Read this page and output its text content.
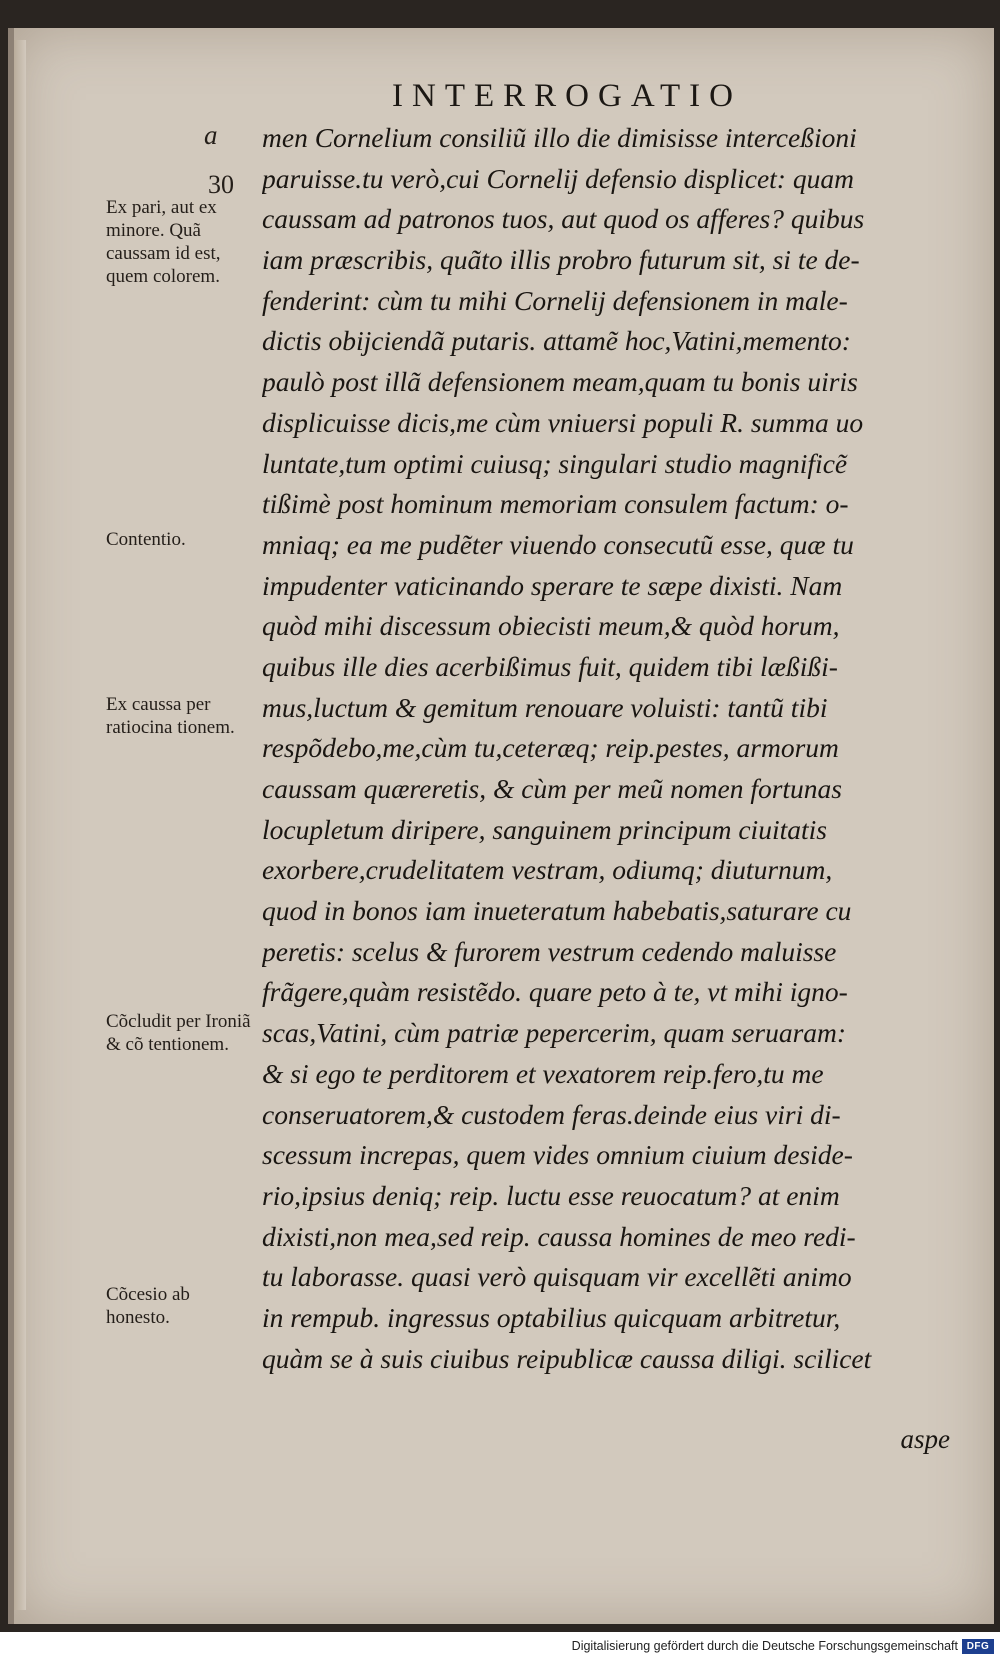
INTERROGATIO
a
30
Ex pari, aut ex minore. Quã caussam id est, quem colorem.
Contentio.
Ex caussa per ratiocina tionem.
Cõcludit per Ironiã & cõ tentionem.
Cõcesio ab honesto.
men Cornelium consiliũ illo die dimisisse interceßioni
paruisse.tu verò,cui Cornelij defensio displicet: quam
caussam ad patronos tuos, aut quod os afferes? quibus
iam præscribis, quãto illis probro futurum sit, si te de-
fenderint: cùm tu mihi Cornelij defensionem in male-
dictis obijciendã putaris. attamẽ hoc,Vatini,memento:
paulò post illã defensionem meam,quam tu bonis uiris
displicuisse dicis,me cùm vniuersi populi R. summa uo
luntate,tum optimi cuiusq; singulari studio magnificẽ
tißimè post hominum memoriam consulem factum: o-
mniaq; ea me pudẽter viuendo consecutũ esse, quæ tu
impudenter vaticinando sperare te sæpe dixisti. Nam
quòd mihi discessum obiecisti meum,& quòd horum,
quibus ille dies acerbißimus fuit, quidem tibi læßißi-
mus,luctum & gemitum renouare voluisti: tantũ tibi
respõdebo,me,cùm tu,ceteræq; reip.pestes, armorum
caussam quæreretis, & cùm per meũ nomen fortunas
locupletum diripere, sanguinem principum ciuitatis
exorbere,crudelitatem vestram, odiumq; diuturnum,
quod in bonos iam inueteratum habebatis,saturare cu
peretis: scelus & furorem vestrum cedendo maluisse
frãgere,quàm resistẽdo. quare peto à te, vt mihi igno-
scas,Vatini, cùm patriæ pepercerim, quam seruaram:
& si ego te perditorem et vexatorem reip.fero,tu me
conseruatorem,& custodem feras.deinde eius viri di-
scessum increpas, quem vides omnium ciuium deside-
rio,ipsius deniq; reip. luctu esse reuocatum? at enim
dixisti,non mea,sed reip. caussa homines de meo redi-
tu laborasse. quasi verò quisquam vir excellẽti animo
in rempub. ingressus optabilius quicquam arbitretur,
quàm se à suis ciuibus reipublicæ caussa diligi. scilicet
aspe
Digitalisierung gefördert durch die Deutsche Forschungsgemeinschaft DFG
